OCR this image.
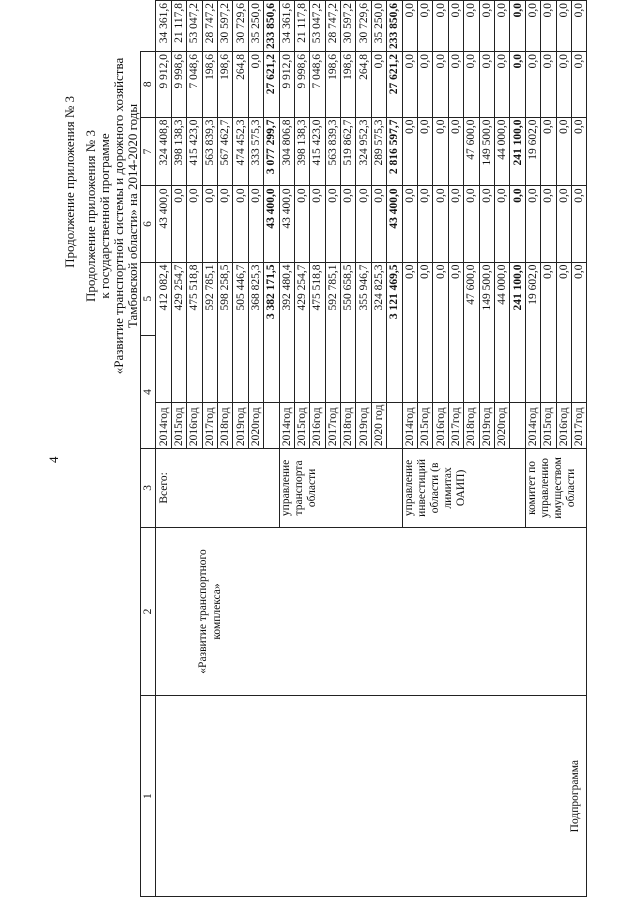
4
Продолжение приложения № 3 Продолжение приложения № 3 к государственной программе «Развитие транспортной системы и дорожного хозяйства Тамбовской области» на 2014-2020 годы
1	2	3	4		5	6	7	8	
Подпрограмма	«Развитие транспортного комплекса»	Всего:	2014год	412 082,4		43 400,0	324 408,8	9 912,0	34 361,6
			2015год	429 254,7		0,0	398 138,3	9 998,6	21 117,8
			2016год	475 518,8		0,0	415 423,0	7 048,6	53 047,2
			2017год	592 785,1		0,0	563 839,3	198,6	28 747,2
			2018год	598 258,5		0,0	567 462,7	198,6	30 597,2
			2019год	505 446,7		0,0	474 452,3	264,8	30 729,6
			2020год	368 825,3		0,0	333 575,3	0,0	35 250,0
				3 382 171,5		43 400,0	3 077 299,7	27 621,2	233 850,6
		управление транспорта области	2014год	392 480,4		43 400,0	304 806,8	9 912,0	34 361,6
			2015год	429 254,7		0,0	398 138,3	9 998,6	21 117,8
			2016год	475 518,8		0,0	415 423,0	7 048,6	53 047,2
			2017год	592 785,1		0,0	563 839,3	198,6	28 747,2
			2018год	550 658,5		0,0	519 862,7	198,6	30 597,2
			2019год	355 946,7		0,0	324 952,3	264,8	30 729,6
			2020 год	324 825,3		0,0	289 575,3	0,0	35 250,0
				3 121 469,5		43 400,0	2 816 597,7	27 621,2	233 850,6
		управление инвестиций области (в лимитах ОАИП)	2014год	0,0		0,0	0,0	0,0	0,0
			2015год	0,0		0,0	0,0	0,0	0,0
			2016год	0,0		0,0	0,0	0,0	0,0
			2017год	0,0		0,0	0,0	0,0	0,0
			2018год	47 600,0		0,0	47 600,0	0,0	0,0
			2019год	149 500,0		0,0	149 500,0	0,0	0,0
			2020год	44 000,0		0,0	44 000,0	0,0	0,0
				241 100,0		0,0	241 100,0	0,0	0,0
		комитет по управлению имуществом области	2014год	19 602,0		0,0	19 602,0	0,0	0,0
			2015год	0,0		0,0	0,0	0,0	0,0
			2016год	0,0		0,0	0,0	0,0	0,0
			2017год	0,0		0,0	0,0	0,0	0,0
